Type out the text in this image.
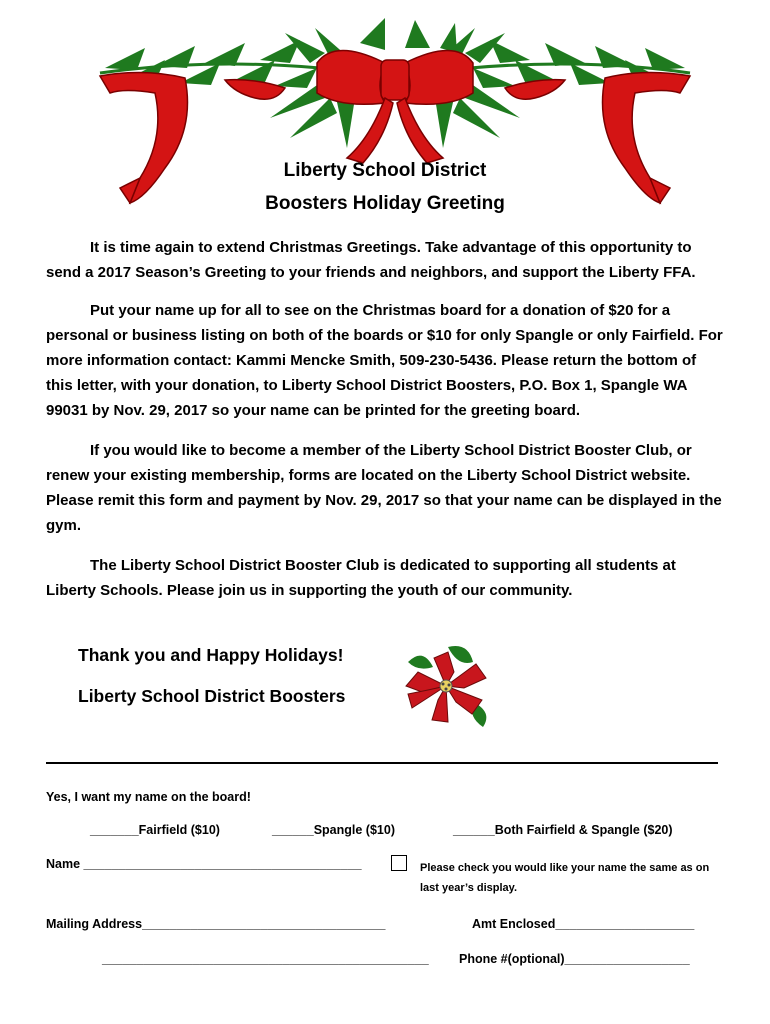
Liberty School District
Boosters Holiday Greeting
It is time again to extend Christmas Greetings. Take advantage of this opportunity to send a 2017 Season’s Greeting to your friends and neighbors, and support the Liberty FFA.
Put your name up for all to see on the Christmas board for a donation of $20 for a personal or business listing on both of the boards or $10 for only Spangle or only Fairfield. For more information contact: Kammi Mencke Smith, 509-230-5436. Please return the bottom of this letter, with your donation, to Liberty School District Boosters, P.O. Box 1, Spangle WA 99031 by Nov. 29, 2017 so your name can be printed for the greeting board.
If you would like to become a member of the Liberty School District Booster Club, or renew your existing membership, forms are located on the Liberty School District website. Please remit this form and payment by Nov. 29, 2017 so that your name can be displayed in the gym.
The Liberty School District Booster Club is dedicated to supporting all students at Liberty Schools. Please join us in supporting the youth of our community.
Thank you and Happy Holidays!
Liberty School District Boosters
Yes, I want my name on the board!
_______Fairfield ($10)	______Spangle ($10)	______Both Fairfield & Spangle ($20)
Name ________________________________________	Please check you would like your name the same as on last year’s display.
Mailing Address___________________________________	Amt Enclosed____________________
_______________________________________________ Phone #(optional)__________________
